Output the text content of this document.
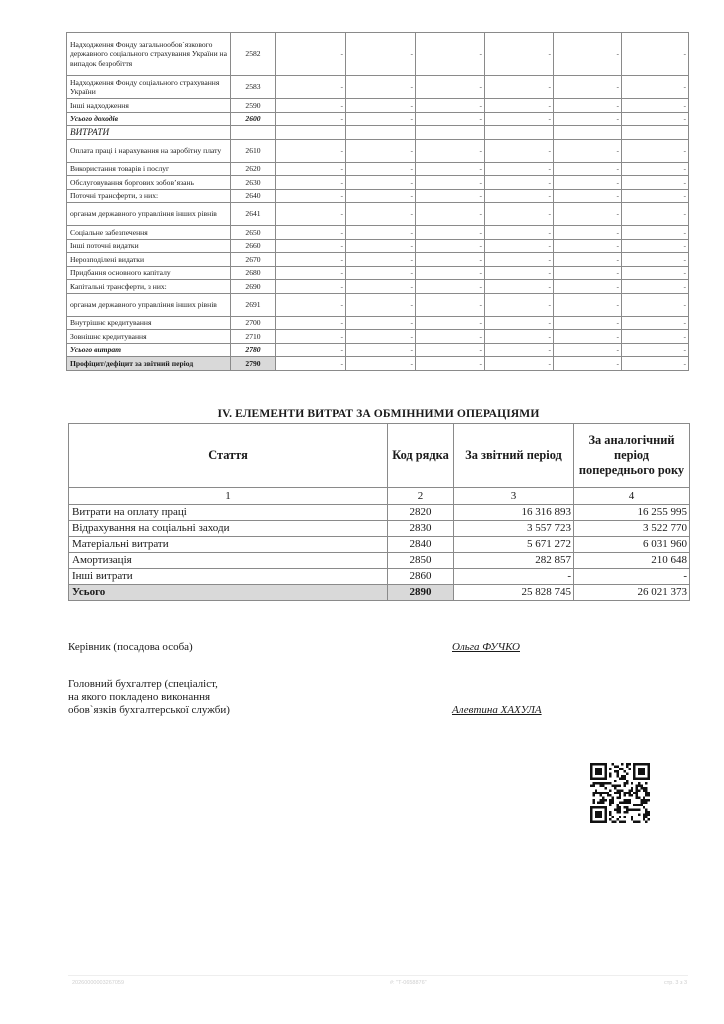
Надходження Фонду загальнообов`язкового державного соціального страхування України на випадок безробіття	2582	-	-	-	-	-	-
Надходження Фонду соціального страхування України	2583	-	-	-	-	-	-
Інші надходження	2590	-	-	-	-	-	-
Усього доходів	2600	-	-	-	-	-	-
ВИТРАТИ							
Оплата праці і нарахування на заробітну плату	2610	-	-	-	-	-	-
Використання товарів і послуг	2620	-	-	-	-	-	-
Обслуговування боргових зобов’язань	2630	-	-	-	-	-	-
Поточні трансферти, з них:	2640	-	-	-	-	-	-
органам державного управління інших рівнів	2641	-	-	-	-	-	-
Соціальне забезпечення	2650	-	-	-	-	-	-
Інші поточні видатки	2660	-	-	-	-	-	-
Нерозподілені видатки	2670	-	-	-	-	-	-
Придбання основного капіталу	2680	-	-	-	-	-	-
Капітальні трансферти, з них:	2690	-	-	-	-	-	-
органам державного управління інших рівнів	2691	-	-	-	-	-	-
Внутрішнє кредитування	2700	-	-	-	-	-	-
Зовнішнє кредитування	2710	-	-	-	-	-	-
Усього витрат	2780	-	-	-	-	-	-
Профіцит/дефіцит за звітний період	2790	-	-	-	-	-	-
IV. ЕЛЕМЕНТИ ВИТРАТ ЗА ОБМІННИМИ ОПЕРАЦІЯМИ
Стаття	Код рядка	За звітний період	За аналогічний період попереднього року
1	2	3	4
Витрати на оплату праці	2820	16 316 893	16 255 995
Відрахування на соціальні заходи	2830	3 557 723	3 522 770
Матеріальні витрати	2840	5 671 272	6 031 960
Амортизація	2850	282 857	210 648
Інші витрати	2860	-	-
Усього	2890	25 828 745	26 021 373
Керівник (посадова особа)	Ольга ФУЧКО
Головний бухгалтер (спеціаліст,
на якого покладено виконання
обов`язків бухгалтерської служби)	Алевтина ХАХУЛА
20260000003267059	#: "Т-0658876"	стр. 3 з 3
